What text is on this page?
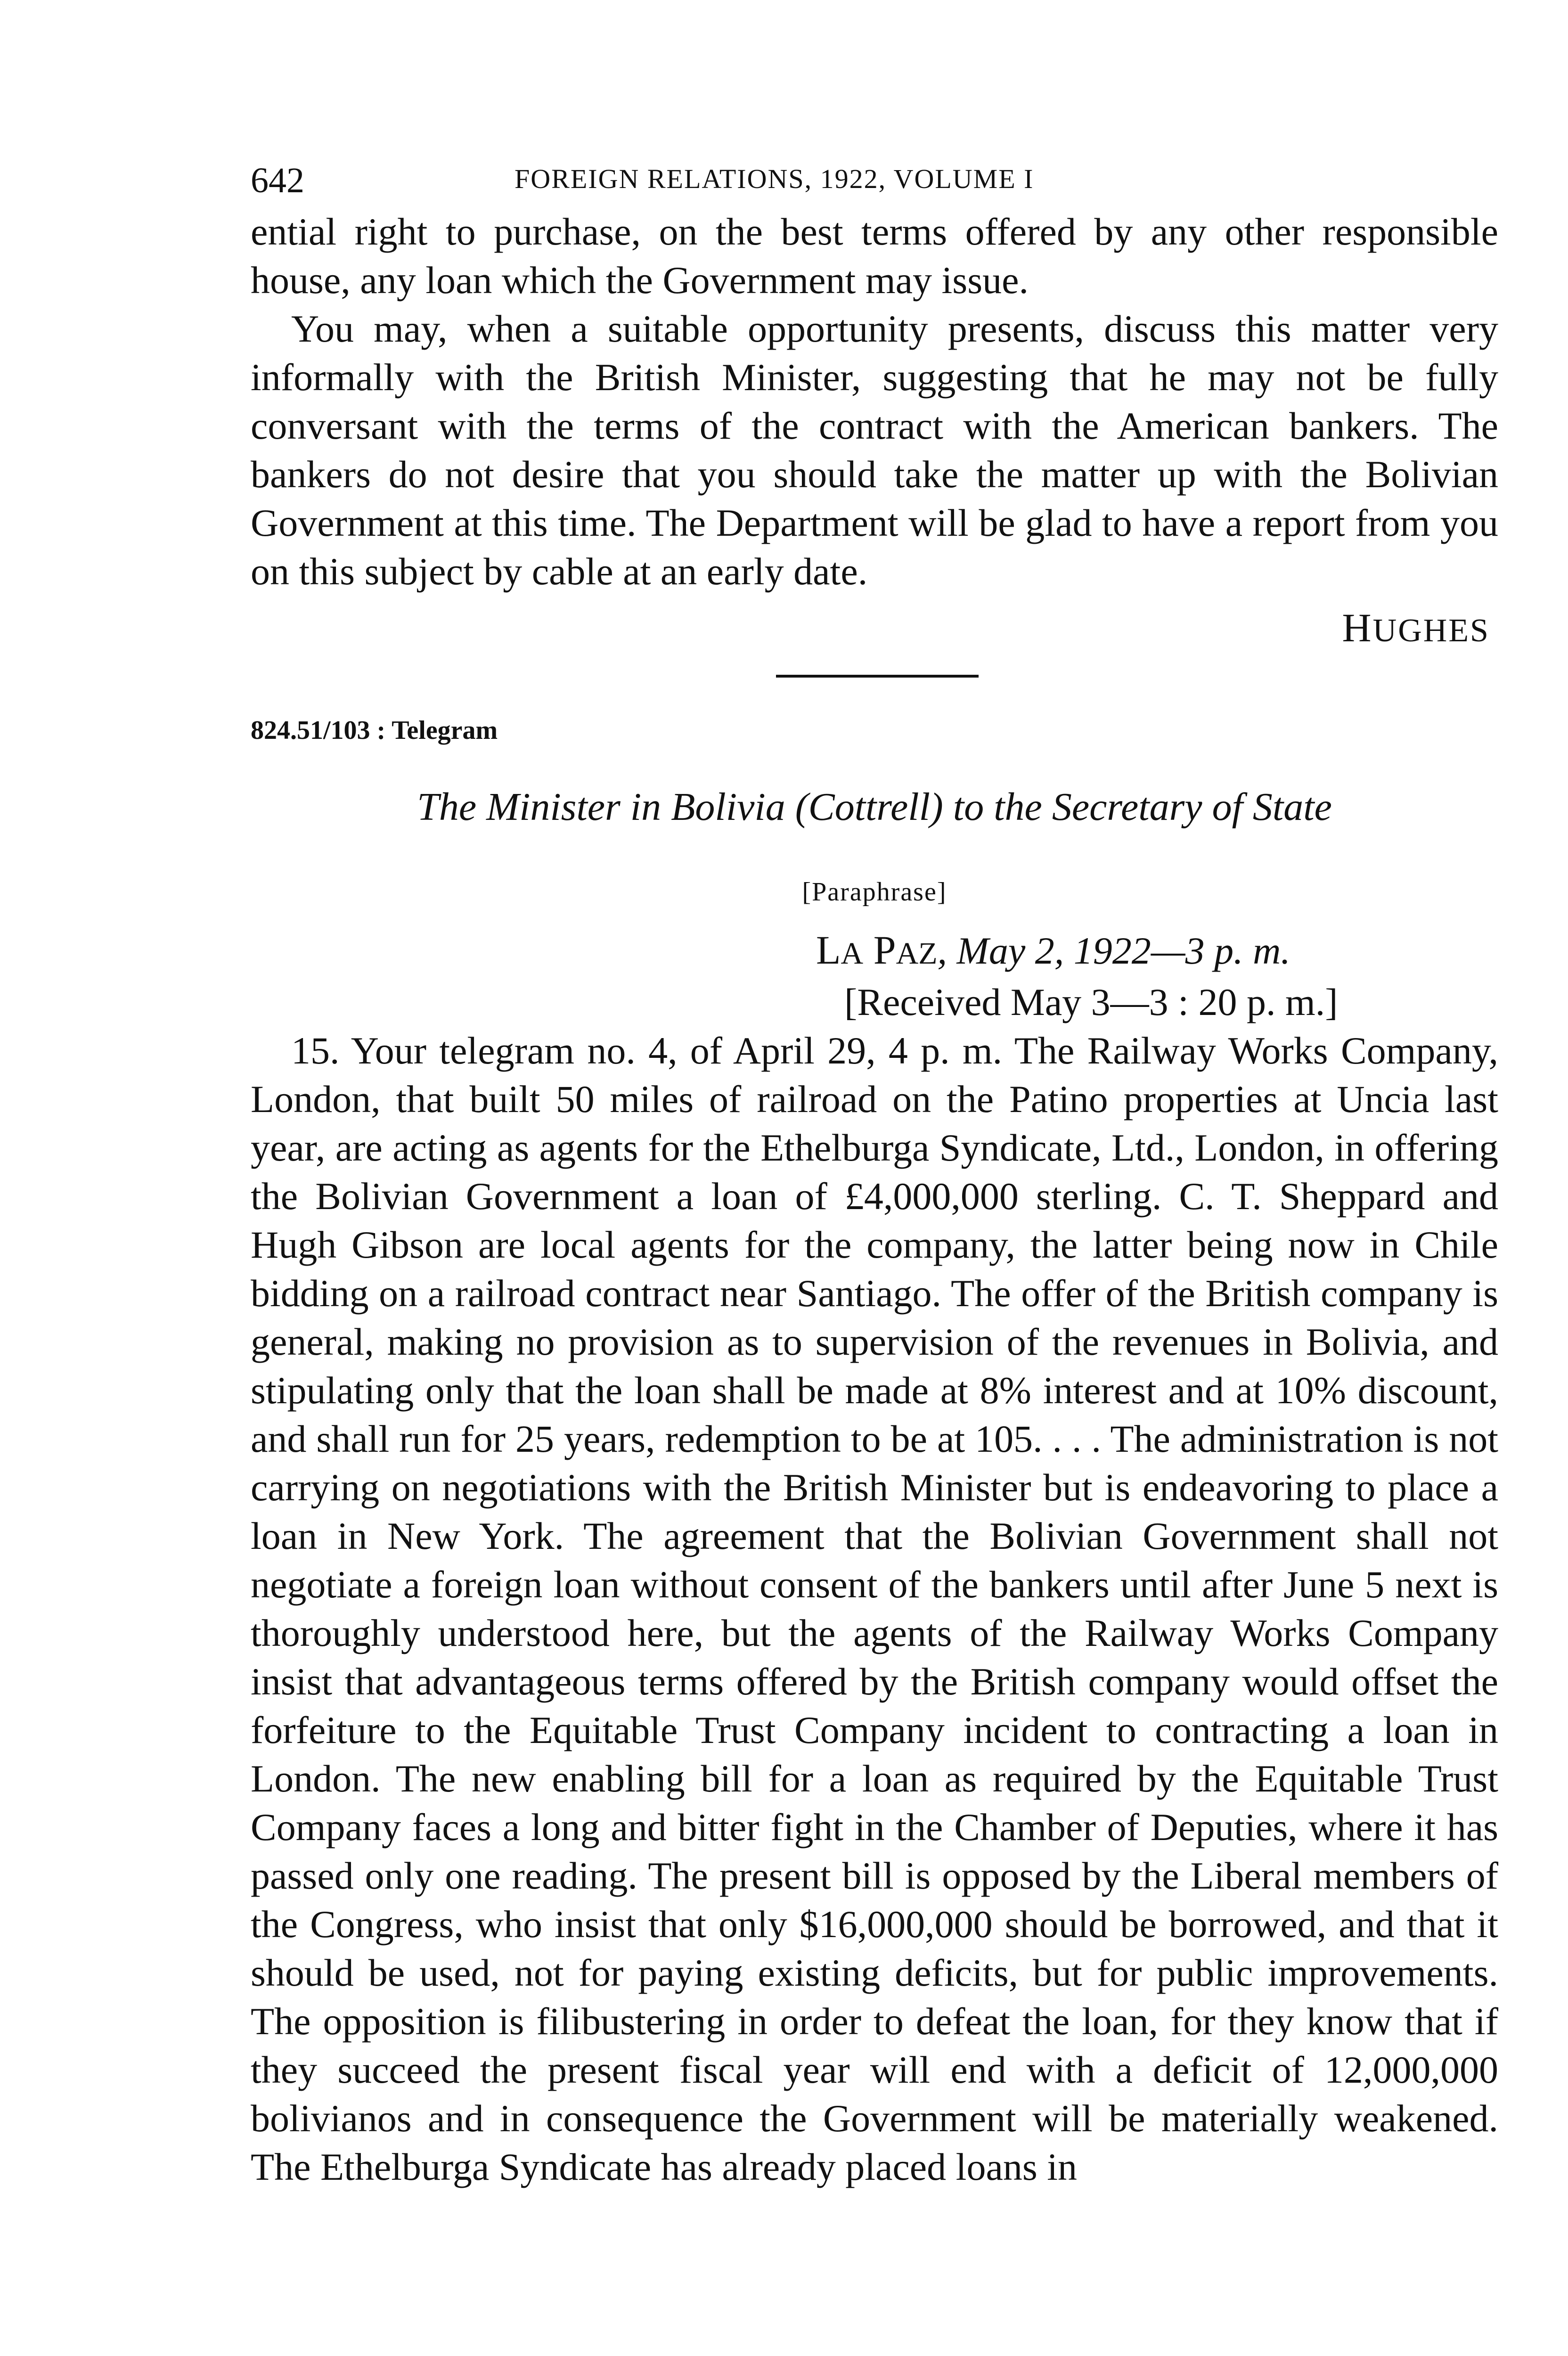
642	FOREIGN RELATIONS, 1922, VOLUME I

ential right to purchase, on the best terms offered by any other responsible house, any loan which the Government may issue.

You may, when a suitable opportunity presents, discuss this matter very informally with the British Minister, suggesting that he may not be fully conversant with the terms of the contract with the American bankers. The bankers do not desire that you should take the matter up with the Bolivian Government at this time. The Department will be glad to have a report from you on this subject by cable at an early date.

HUGHES
824.51/103 : Telegram
The Minister in Bolivia (Cottrell) to the Secretary of State
[Paraphrase]
LA PAZ, May 2, 1922—3 p. m.
[Received May 3—3 : 20 p. m.]

15. Your telegram no. 4, of April 29, 4 p. m. The Railway Works Company, London, that built 50 miles of railroad on the Patino properties at Uncia last year, are acting as agents for the Ethelburga Syndicate, Ltd., London, in offering the Bolivian Government a loan of £4,000,000 sterling. C. T. Sheppard and Hugh Gibson are local agents for the company, the latter being now in Chile bidding on a railroad contract near Santiago. The offer of the British company is general, making no provision as to supervision of the revenues in Bolivia, and stipulating only that the loan shall be made at 8% interest and at 10% discount, and shall run for 25 years, redemption to be at 105. . . . The administration is not carrying on negotiations with the British Minister but is endeavoring to place a loan in New York. The agreement that the Bolivian Government shall not negotiate a foreign loan without consent of the bankers until after June 5 next is thoroughly understood here, but the agents of the Railway Works Company insist that advantageous terms offered by the British company would offset the forfeiture to the Equitable Trust Company incident to contracting a loan in London. The new enabling bill for a loan as required by the Equitable Trust Company faces a long and bitter fight in the Chamber of Deputies, where it has passed only one reading. The present bill is opposed by the Liberal members of the Congress, who insist that only $16,000,000 should be borrowed, and that it should be used, not for paying existing deficits, but for public improvements. The opposition is filibustering in order to defeat the loan, for they know that if they succeed the present fiscal year will end with a deficit of 12,000,000 bolivianos and in consequence the Government will be materially weakened. The Ethelburga Syndicate has already placed loans in
